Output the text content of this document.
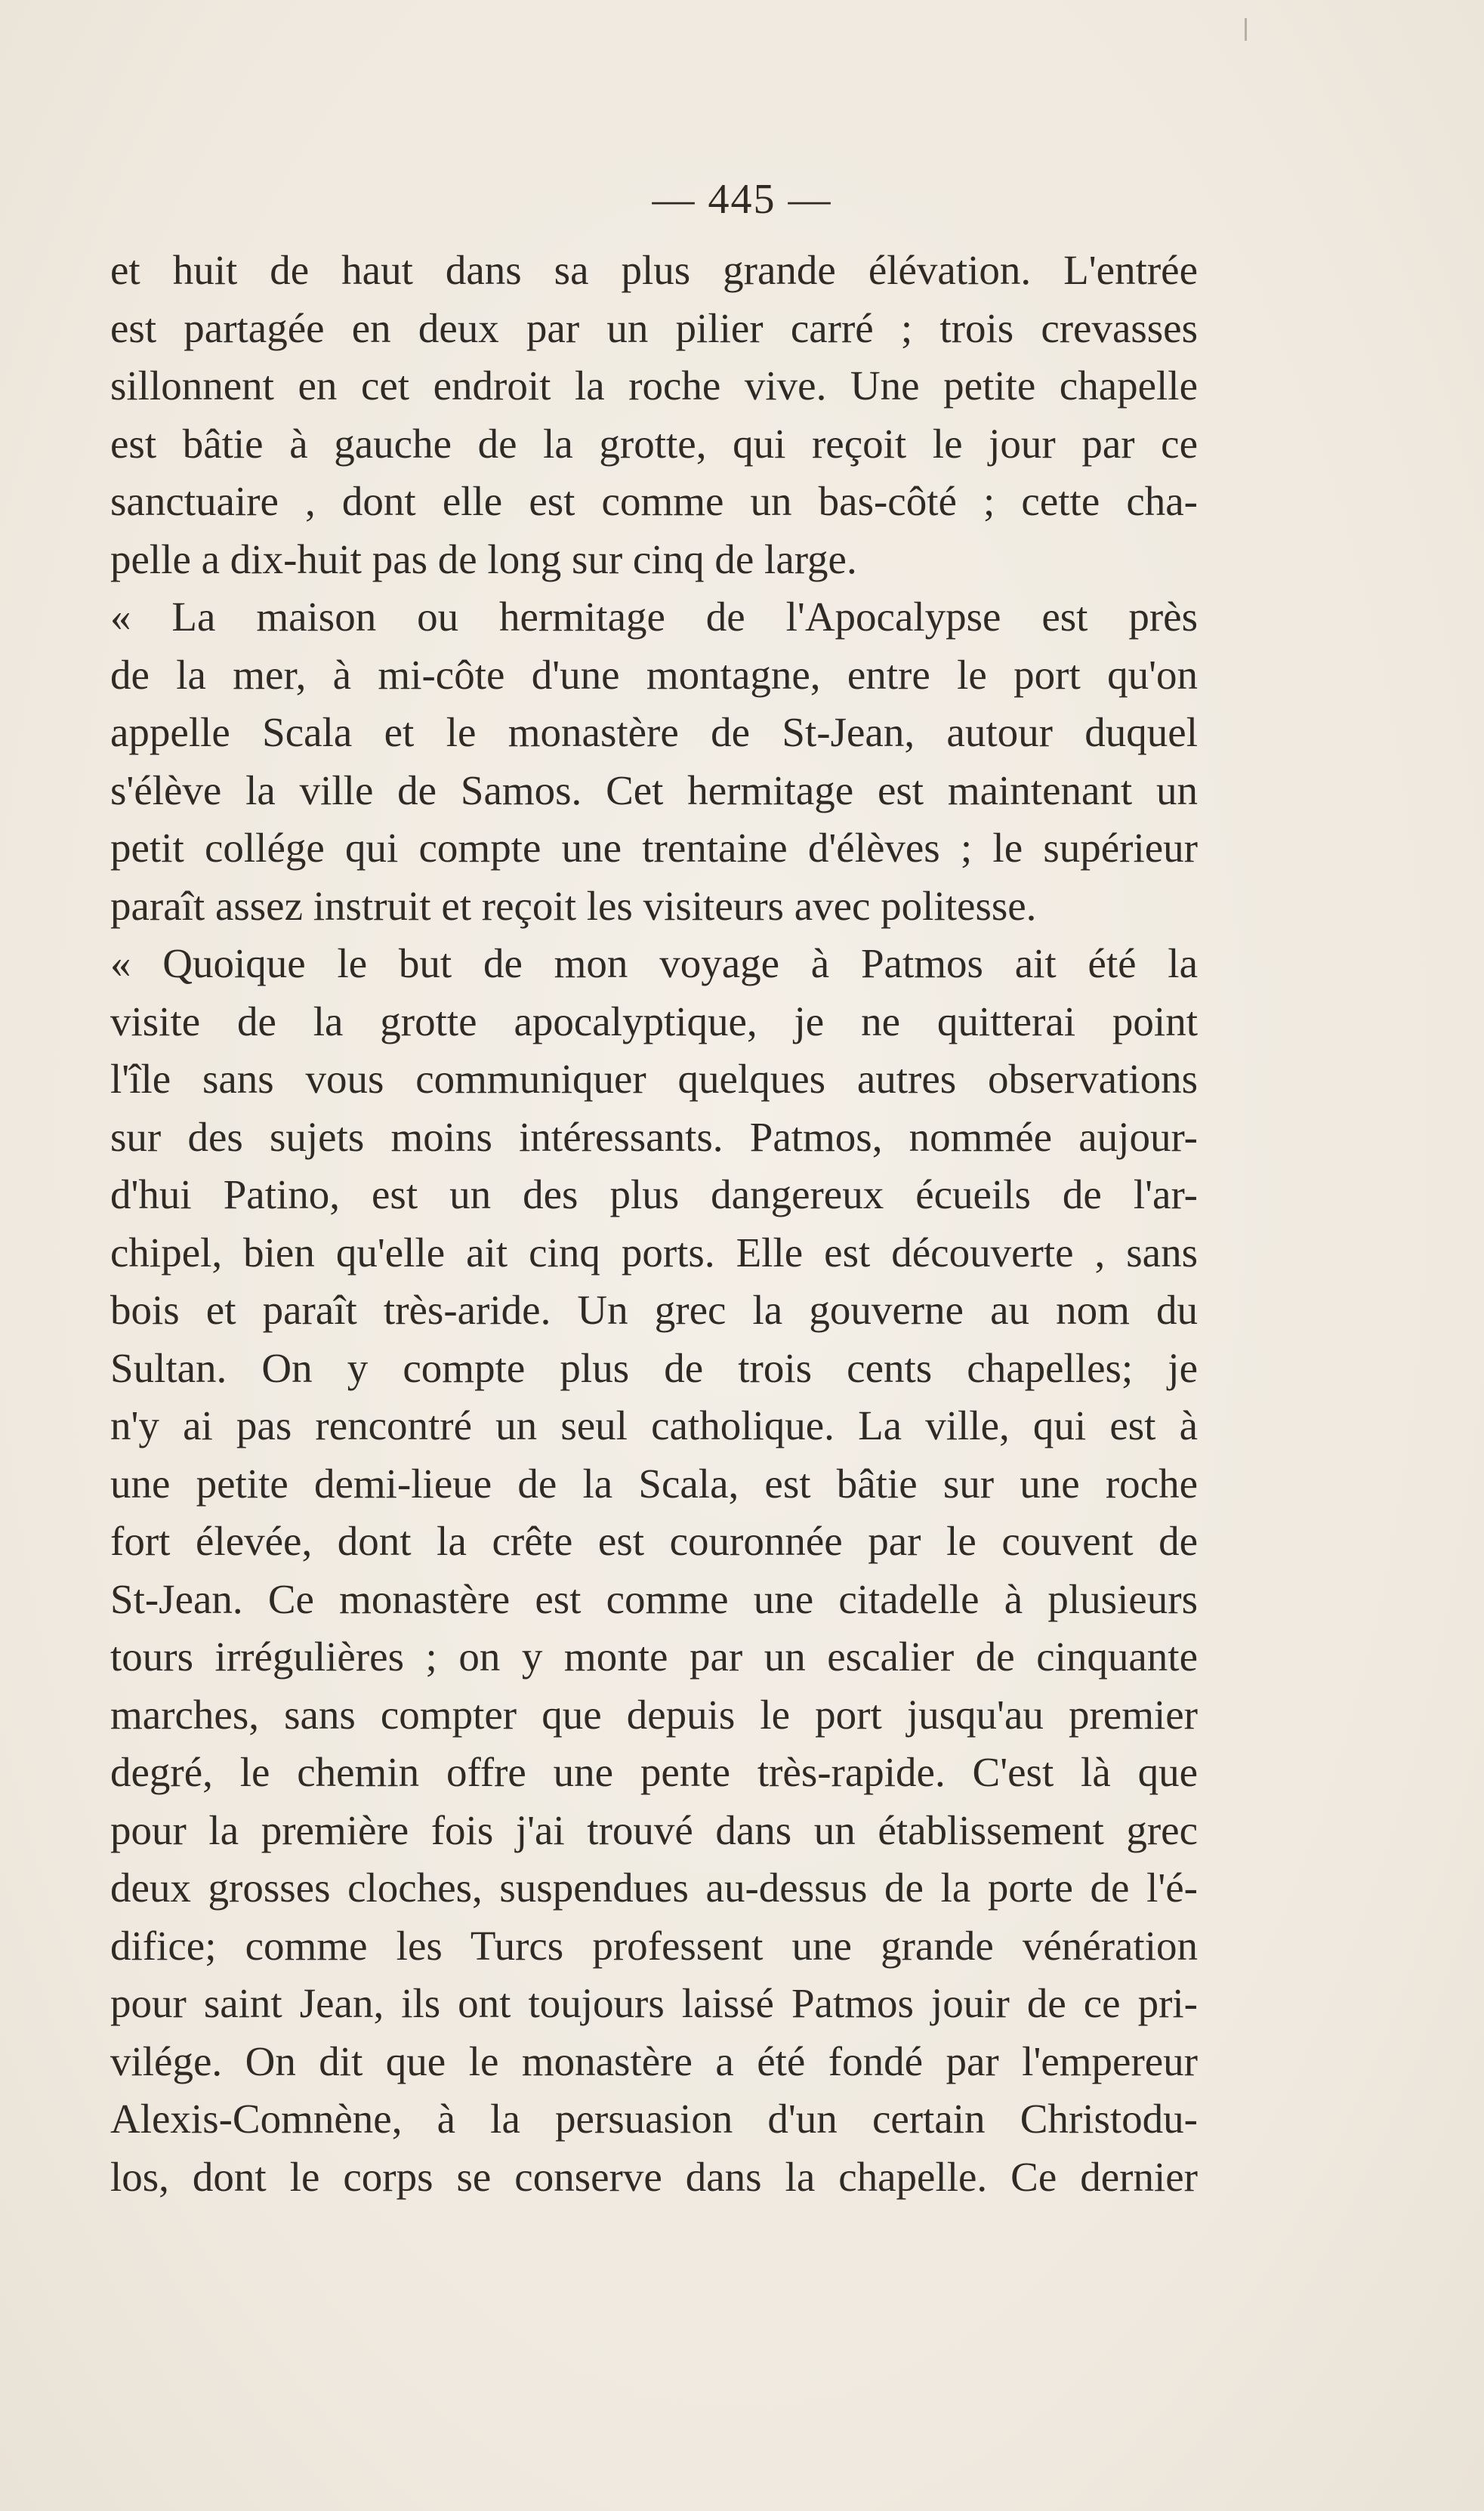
— 445 —
et huit de haut dans sa plus grande élévation. L'entrée
est partagée en deux par un pilier carré ; trois crevasses
sillonnent en cet endroit la roche vive. Une petite chapelle
est bâtie à gauche de la grotte, qui reçoit le jour par ce
sanctuaire , dont elle est comme un bas-côté ; cette cha-
pelle a dix-huit pas de long sur cinq de large.
« La maison ou hermitage de l'Apocalypse est près
de la mer, à mi-côte d'une montagne, entre le port qu'on
appelle Scala et le monastère de St-Jean, autour duquel
s'élève la ville de Samos. Cet hermitage est maintenant un
petit collége qui compte une trentaine d'élèves ; le supérieur
paraît assez instruit et reçoit les visiteurs avec politesse.
« Quoique le but de mon voyage à Patmos ait été la
visite de la grotte apocalyptique, je ne quitterai point
l'île sans vous communiquer quelques autres observations
sur des sujets moins intéressants. Patmos, nommée aujour-
d'hui Patino, est un des plus dangereux écueils de l'ar-
chipel, bien qu'elle ait cinq ports. Elle est découverte , sans
bois et paraît très-aride. Un grec la gouverne au nom du
Sultan. On y compte plus de trois cents chapelles; je
n'y ai pas rencontré un seul catholique. La ville, qui est à
une petite demi-lieue de la Scala, est bâtie sur une roche
fort élevée, dont la crête est couronnée par le couvent de
St-Jean. Ce monastère est comme une citadelle à plusieurs
tours irrégulières ; on y monte par un escalier de cinquante
marches, sans compter que depuis le port jusqu'au premier
degré, le chemin offre une pente très-rapide. C'est là que
pour la première fois j'ai trouvé dans un établissement grec
deux grosses cloches, suspendues au-dessus de la porte de l'é-
difice; comme les Turcs professent une grande vénération
pour saint Jean, ils ont toujours laissé Patmos jouir de ce pri-
vilége. On dit que le monastère a été fondé par l'empereur
Alexis-Comnène, à la persuasion d'un certain Christodu-
los, dont le corps se conserve dans la chapelle. Ce dernier
